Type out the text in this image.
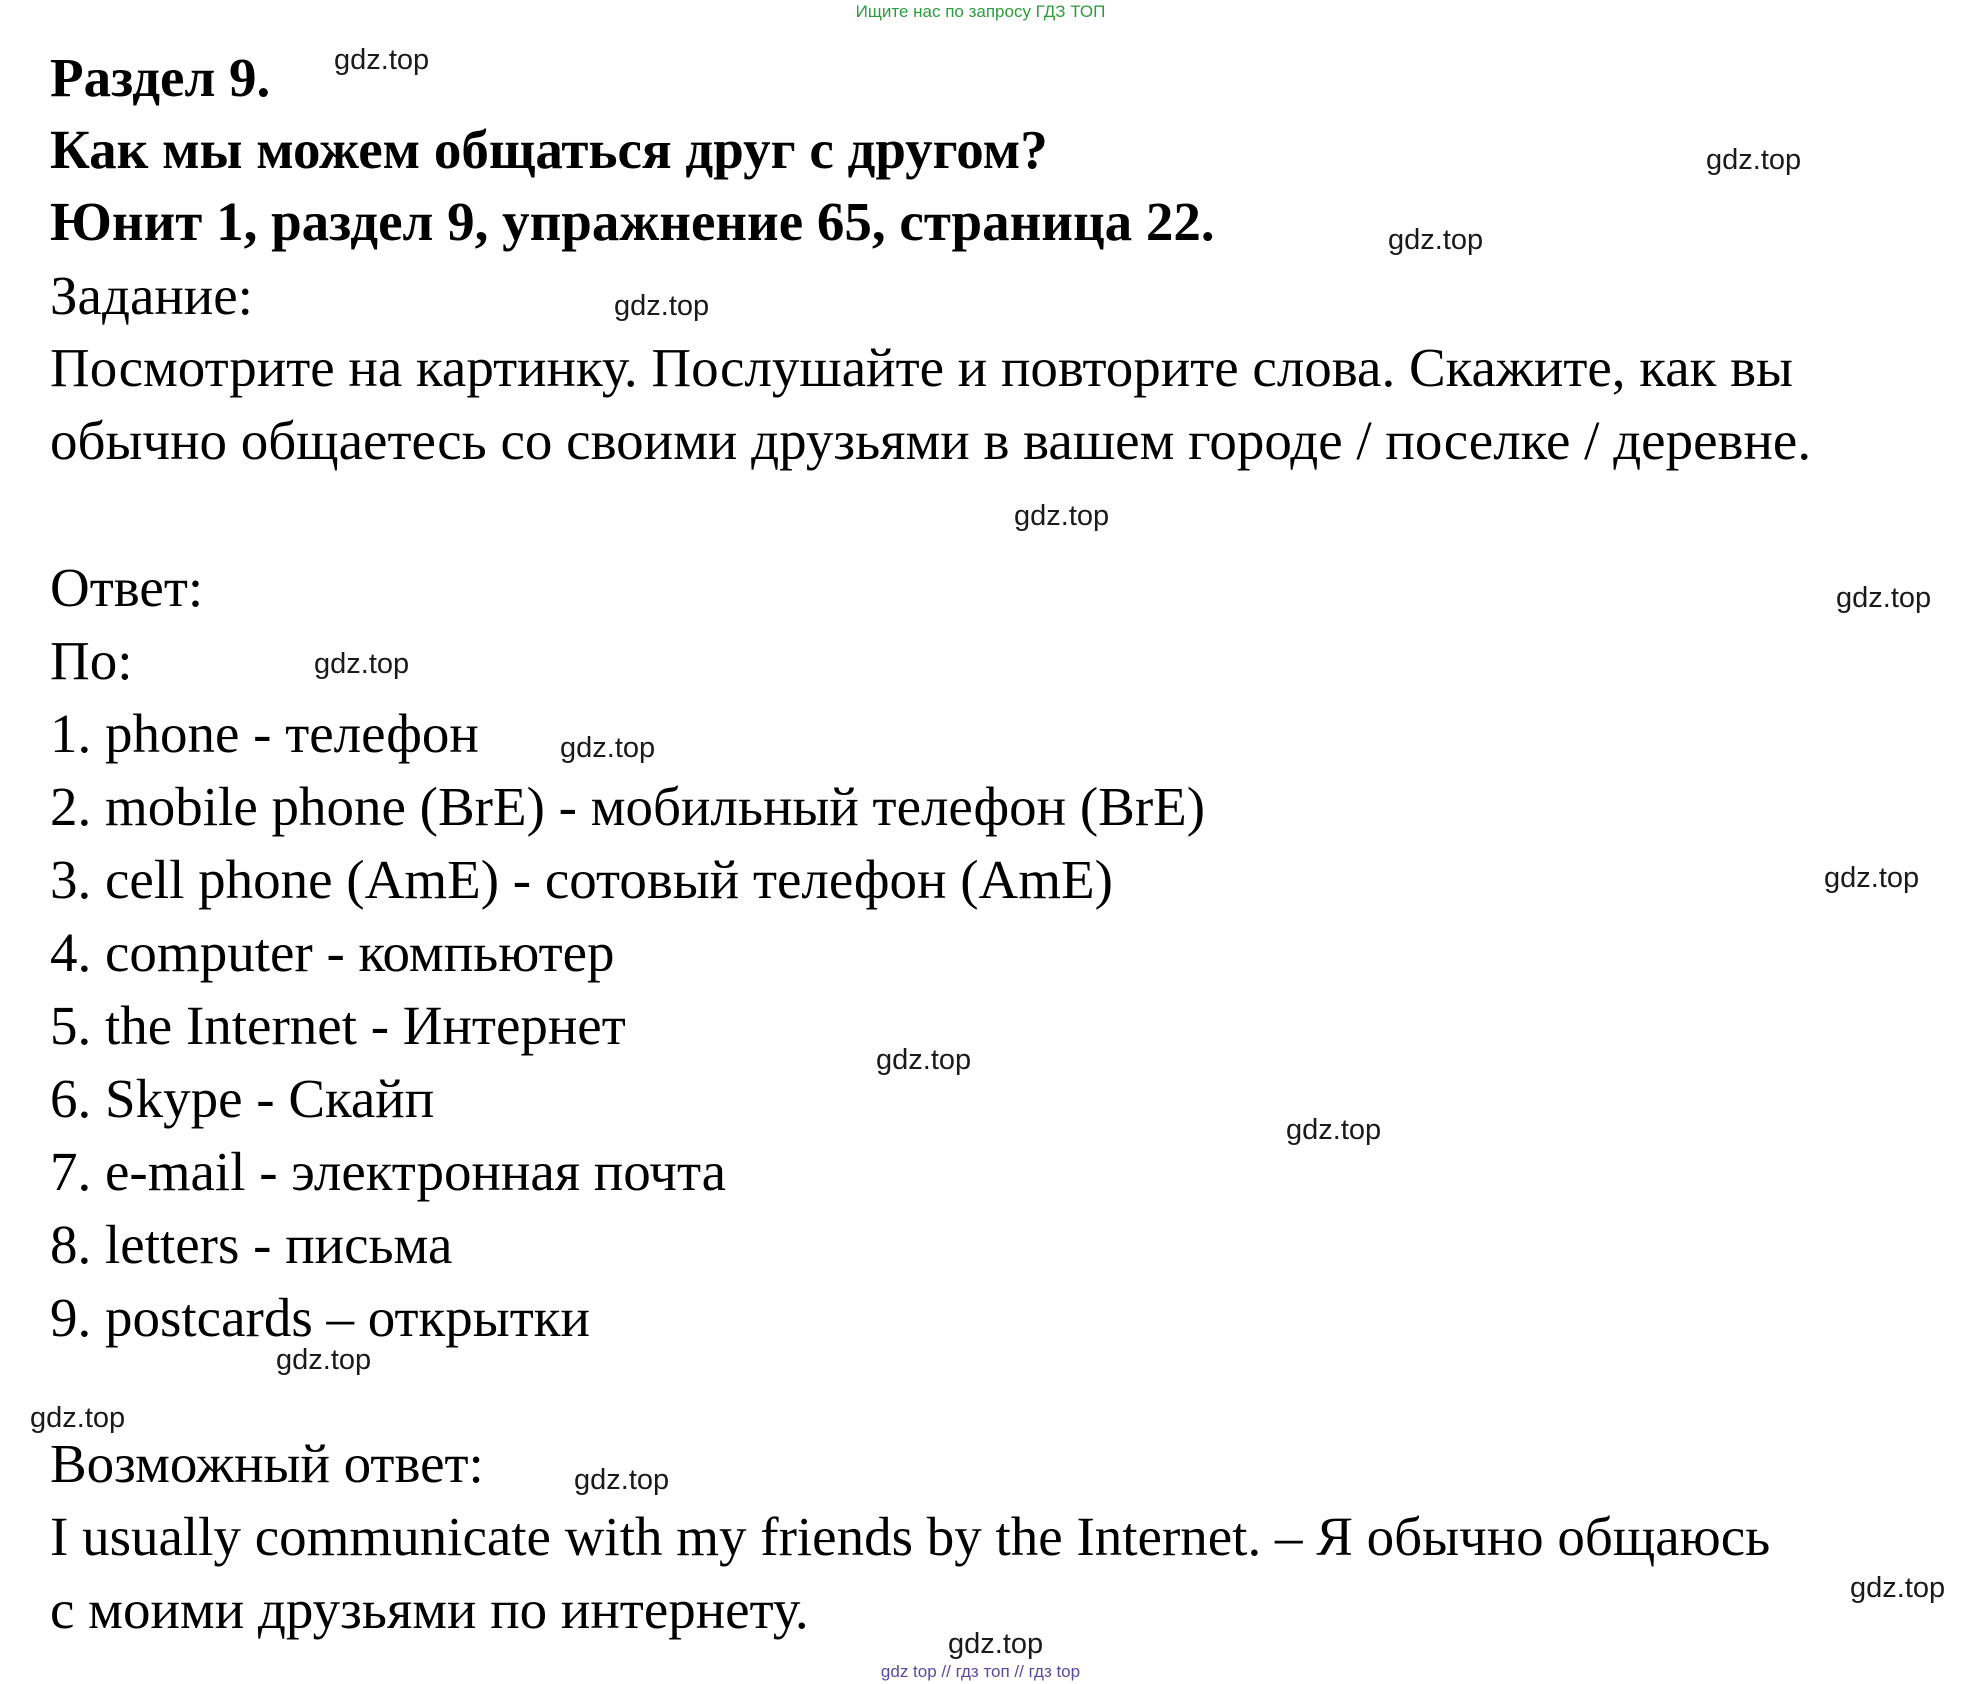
Ищите нас по запросу ГДЗ ТОП
Раздел 9.
Как мы можем общаться друг с другом?
Юнит 1, раздел 9, упражнение 65, страница 22.
Задание:
Посмотрите на картинку. Послушайте и повторите слова. Скажите, как вы
обычно общаетесь со своими друзьями в вашем городе / поселке / деревне.
Ответ:
По:
1. phone - телефон
2. mobile phone (BrE) - мобильный телефон (BrE)
3. cell phone (AmE) - сотовый телефон (AmE)
4. computer - компьютер
5. the Internet - Интернет
6. Skype - Скайп
7. e-mail - электронная почта
8. letters - письма
9. postcards – открытки
Возможный ответ:
I usually communicate with my friends by the Internet. – Я обычно общаюсь
с моими друзьями по интернету.
gdz.top
gdz.top
gdz.top
gdz.top
gdz.top
gdz.top
gdz.top
gdz.top
gdz.top
gdz.top
gdz.top
gdz.top
gdz.top
gdz.top
gdz.top
gdz.top
gdz top // гдз топ // гдз top
